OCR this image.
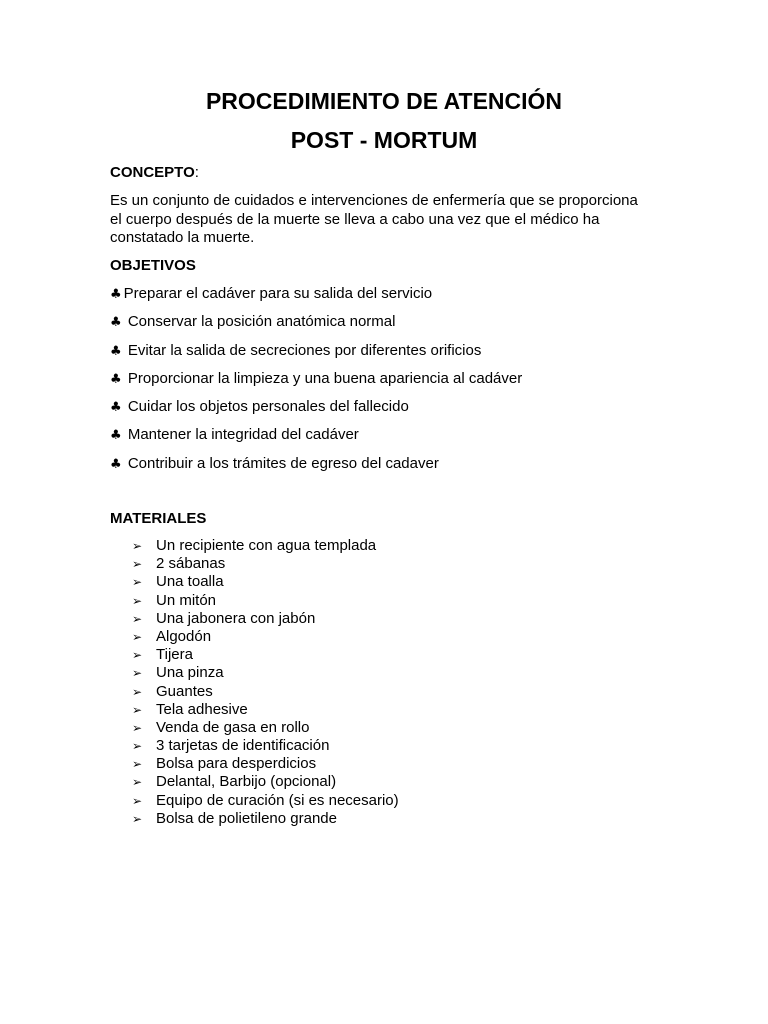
PROCEDIMIENTO DE ATENCIÓN
POST - MORTUM
CONCEPTO:

Es un conjunto de cuidados e intervenciones de enfermería que se proporciona el cuerpo después de la muerte se lleva a cabo una vez que el médico ha constatado la muerte.

OBJETIVOS
♣ Preparar el cadáver para su salida del servicio
♣ Conservar la posición anatómica normal
♣ Evitar la salida de secreciones por diferentes orificios
♣ Proporcionar la limpieza y una buena apariencia al cadáver
♣ Cuidar los objetos personales del fallecido
♣ Mantener la integridad del cadáver
♣ Contribuir a los trámites de egreso del cadaver
MATERIALES
➢ Un recipiente con agua templada
➢ 2 sábanas
➢ Una toalla
➢ Un mitón
➢ Una jabonera con jabón
➢ Algodón
➢ Tijera
➢ Una pinza
➢ Guantes
➢ Tela adhesive
➢ Venda de gasa en rollo
➢ 3 tarjetas de identificación
➢ Bolsa para desperdicios
➢ Delantal, Barbijo (opcional)
➢ Equipo de curación (si es necesario)
➢ Bolsa de polietileno grande
